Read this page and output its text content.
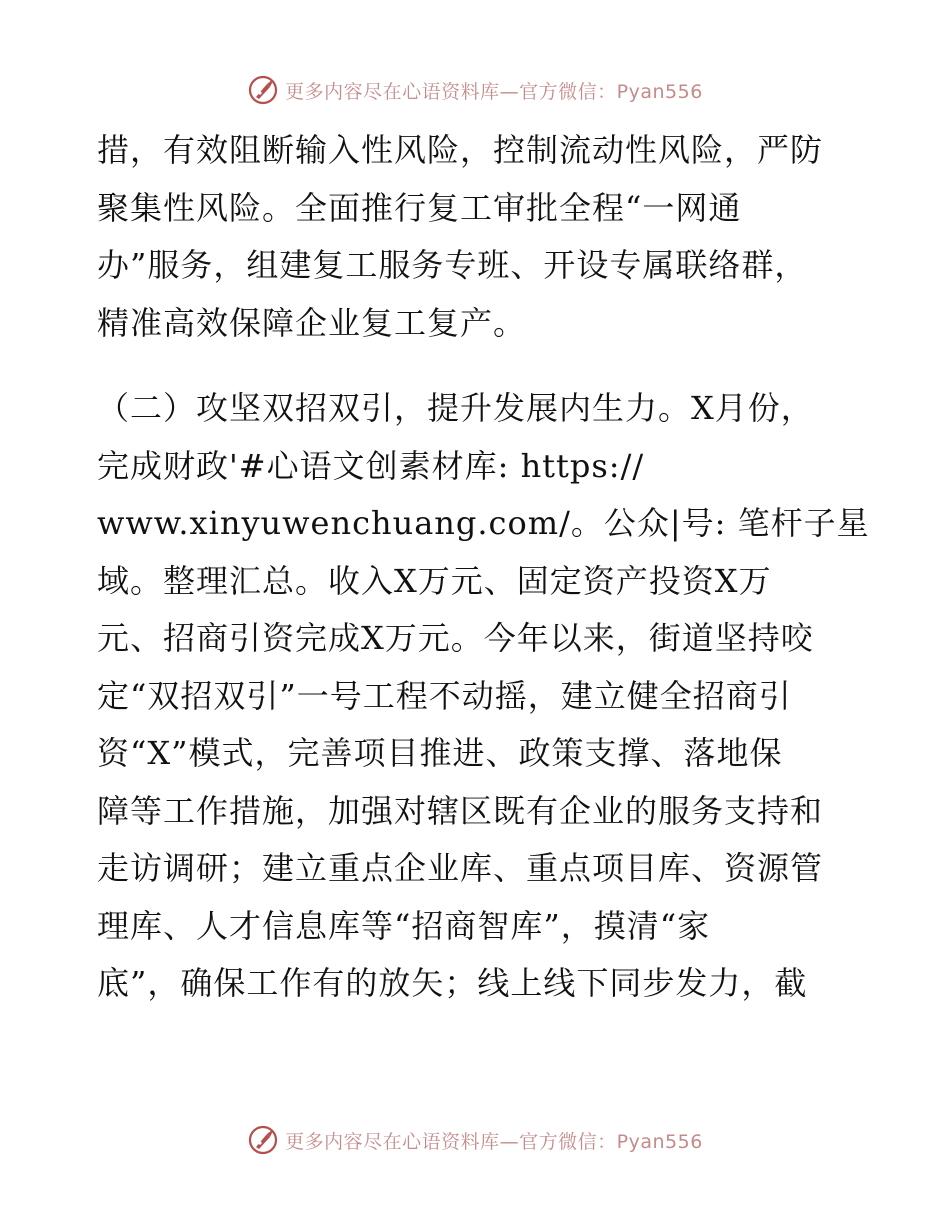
更多内容尽在心语资料库—官方微信：Pyan556
措，有效阻断输入性风险，控制流动性风险，严防
聚集性风险。全面推行复工审批全程“一网通
办”服务，组建复工服务专班、开设专属联络群，
精准高效保障企业复工复产。
（二）攻坚双招双引，提升发展内生力。X月份，
完成财政'#心语文创素材库: https://
www.xinyuwenchuang.com/。公众|号: 笔杆子星
域。整理汇总。收入X万元、固定资产投资X万
元、招商引资完成X万元。今年以来，街道坚持咬
定“双招双引”一号工程不动摇，建立健全招商引
资“X”模式，完善项目推进、政策支撑、落地保
障等工作措施，加强对辖区既有企业的服务支持和
走访调研；建立重点企业库、重点项目库、资源管
理库、人才信息库等“招商智库”，摸清“家
底”，确保工作有的放矢；线上线下同步发力，截
更多内容尽在心语资料库—官方微信：Pyan556
